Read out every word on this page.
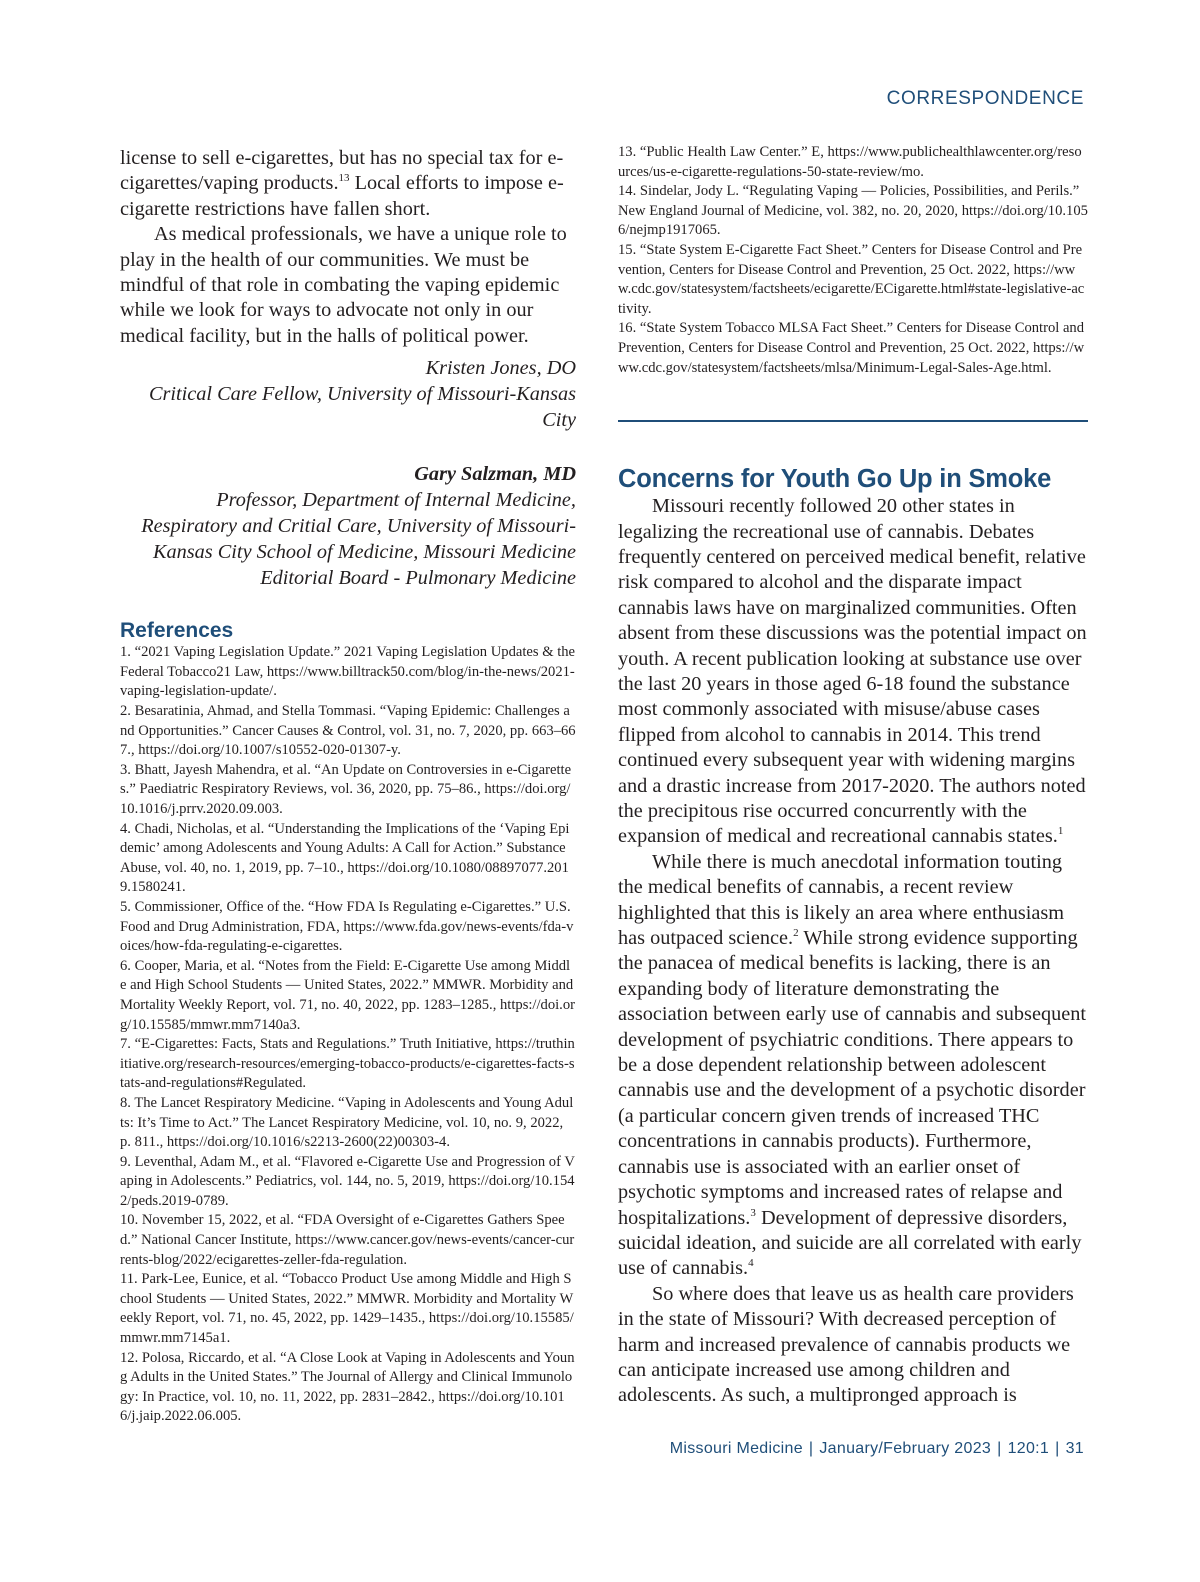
CORRESPONDENCE

license to sell e-cigarettes, but has no special tax for e-cigarettes/vaping products.$^{13}$ Local efforts to impose e-cigarette restrictions have fallen short.

As medical professionals, we have a unique role to play in the health of our communities. We must be mindful of that role in combating the vaping epidemic while we look for ways to advocate not only in our medical facility, but in the halls of political power.

Kristen Jones, DO
Critical Care Fellow, University of Missouri-Kansas City
Gary Salzman, MD
Professor, Department of Internal Medicine, Respiratory and Critial Care, University of Missouri-Kansas City School of Medicine, Missouri Medicine Editorial Board - Pulmonary Medicine
References

1. “2021 Vaping Legislation Update.” 2021 Vaping Legislation Updates & the Federal Tobacco21 Law, https://www.billtrack50.com/blog/in-the-news/2021-vaping-legislation-update/.

2. Besaratinia, Ahmad, and Stella Tommasi. “Vaping Epidemic: Challenges and Opportunities.” Cancer Causes & Control, vol. 31, no. 7, 2020, pp. 663–667., https://doi.org/10.1007/s10552-020-01307-y.

3. Bhatt, Jayesh Mahendra, et al. “An Update on Controversies in e-Cigarettes.” Paediatric Respiratory Reviews, vol. 36, 2020, pp. 75–86., https://doi.org/10.1016/j.prrv.2020.09.003.

4. Chadi, Nicholas, et al. “Understanding the Implications of the ‘Vaping Epidemic’ among Adolescents and Young Adults: A Call for Action.” Substance Abuse, vol. 40, no. 1, 2019, pp. 7–10., https://doi.org/10.1080/08897077.2019.1580241.

5. Commissioner, Office of the. “How FDA Is Regulating e-Cigarettes.” U.S. Food and Drug Administration, FDA, https://www.fda.gov/news-events/fda-voices/how-fda-regulating-e-cigarettes.

6. Cooper, Maria, et al. “Notes from the Field: E-Cigarette Use among Middle and High School Students — United States, 2022.” MMWR. Morbidity and Mortality Weekly Report, vol. 71, no. 40, 2022, pp. 1283–1285., https://doi.org/10.15585/mmwr.mm7140a3.

7. “E-Cigarettes: Facts, Stats and Regulations.” Truth Initiative, https://truthinitiative.org/research-resources/emerging-tobacco-products/e-cigarettes-facts-stats-and-regulations#Regulated.

8. The Lancet Respiratory Medicine. “Vaping in Adolescents and Young Adults: It’s Time to Act.” The Lancet Respiratory Medicine, vol. 10, no. 9, 2022, p. 811., https://doi.org/10.1016/s2213-2600(22)00303-4.

9. Leventhal, Adam M., et al. “Flavored e-Cigarette Use and Progression of Vaping in Adolescents.” Pediatrics, vol. 144, no. 5, 2019, https://doi.org/10.1542/peds.2019-0789.

10. November 15, 2022, et al. “FDA Oversight of e-Cigarettes Gathers Speed.” National Cancer Institute, https://www.cancer.gov/news-events/cancer-currents-blog/2022/ecigarettes-zeller-fda-regulation.

11. Park-Lee, Eunice, et al. “Tobacco Product Use among Middle and High School Students — United States, 2022.” MMWR. Morbidity and Mortality Weekly Report, vol. 71, no. 45, 2022, pp. 1429–1435., https://doi.org/10.15585/mmwr.mm7145a1.

12. Polosa, Riccardo, et al. “A Close Look at Vaping in Adolescents and Young Adults in the United States.” The Journal of Allergy and Clinical Immunology: In Practice, vol. 10, no. 11, 2022, pp. 2831–2842., https://doi.org/10.1016/j.jaip.2022.06.005.

13. “Public Health Law Center.” E, https://www.publichealthlawcenter.org/resources/us-e-cigarette-regulations-50-state-review/mo.

14. Sindelar, Jody L. “Regulating Vaping — Policies, Possibilities, and Perils.” New England Journal of Medicine, vol. 382, no. 20, 2020, https://doi.org/10.1056/nejmp1917065.

15. “State System E-Cigarette Fact Sheet.” Centers for Disease Control and Prevention, Centers for Disease Control and Prevention, 25 Oct. 2022, https://www.cdc.gov/statesystem/factsheets/ecigarette/ECigarette.html#state-legislative-activity.

16. “State System Tobacco MLSA Fact Sheet.” Centers for Disease Control and Prevention, Centers for Disease Control and Prevention, 25 Oct. 2022, https://www.cdc.gov/statesystem/factsheets/mlsa/Minimum-Legal-Sales-Age.html.

Concerns for Youth Go Up in Smoke

Missouri recently followed 20 other states in legalizing the recreational use of cannabis. Debates frequently centered on perceived medical benefit, relative risk compared to alcohol and the disparate impact cannabis laws have on marginalized communities. Often absent from these discussions was the potential impact on youth. A recent publication looking at substance use over the last 20 years in those aged 6-18 found the substance most commonly associated with misuse/abuse cases flipped from alcohol to cannabis in 2014. This trend continued every subsequent year with widening margins and a drastic increase from 2017-2020. The authors noted the precipitous rise occurred concurrently with the expansion of medical and recreational cannabis states.$^1$

While there is much anecdotal information touting the medical benefits of cannabis, a recent review highlighted that this is likely an area where enthusiasm has outpaced science.$^2$ While strong evidence supporting the panacea of medical benefits is lacking, there is an expanding body of literature demonstrating the association between early use of cannabis and subsequent development of psychiatric conditions. There appears to be a dose dependent relationship between adolescent cannabis use and the development of a psychotic disorder (a particular concern given trends of increased THC concentrations in cannabis products). Furthermore, cannabis use is associated with an earlier onset of psychotic symptoms and increased rates of relapse and hospitalizations.$^3$ Development of depressive disorders, suicidal ideation, and suicide are all correlated with early use of cannabis.$^4$

So where does that leave us as health care providers in the state of Missouri? With decreased perception of harm and increased prevalence of cannabis products we can anticipate increased use among children and adolescents. As such, a multipronged approach is

Missouri Medicine | January/February 2023 | 120:1 | 31
